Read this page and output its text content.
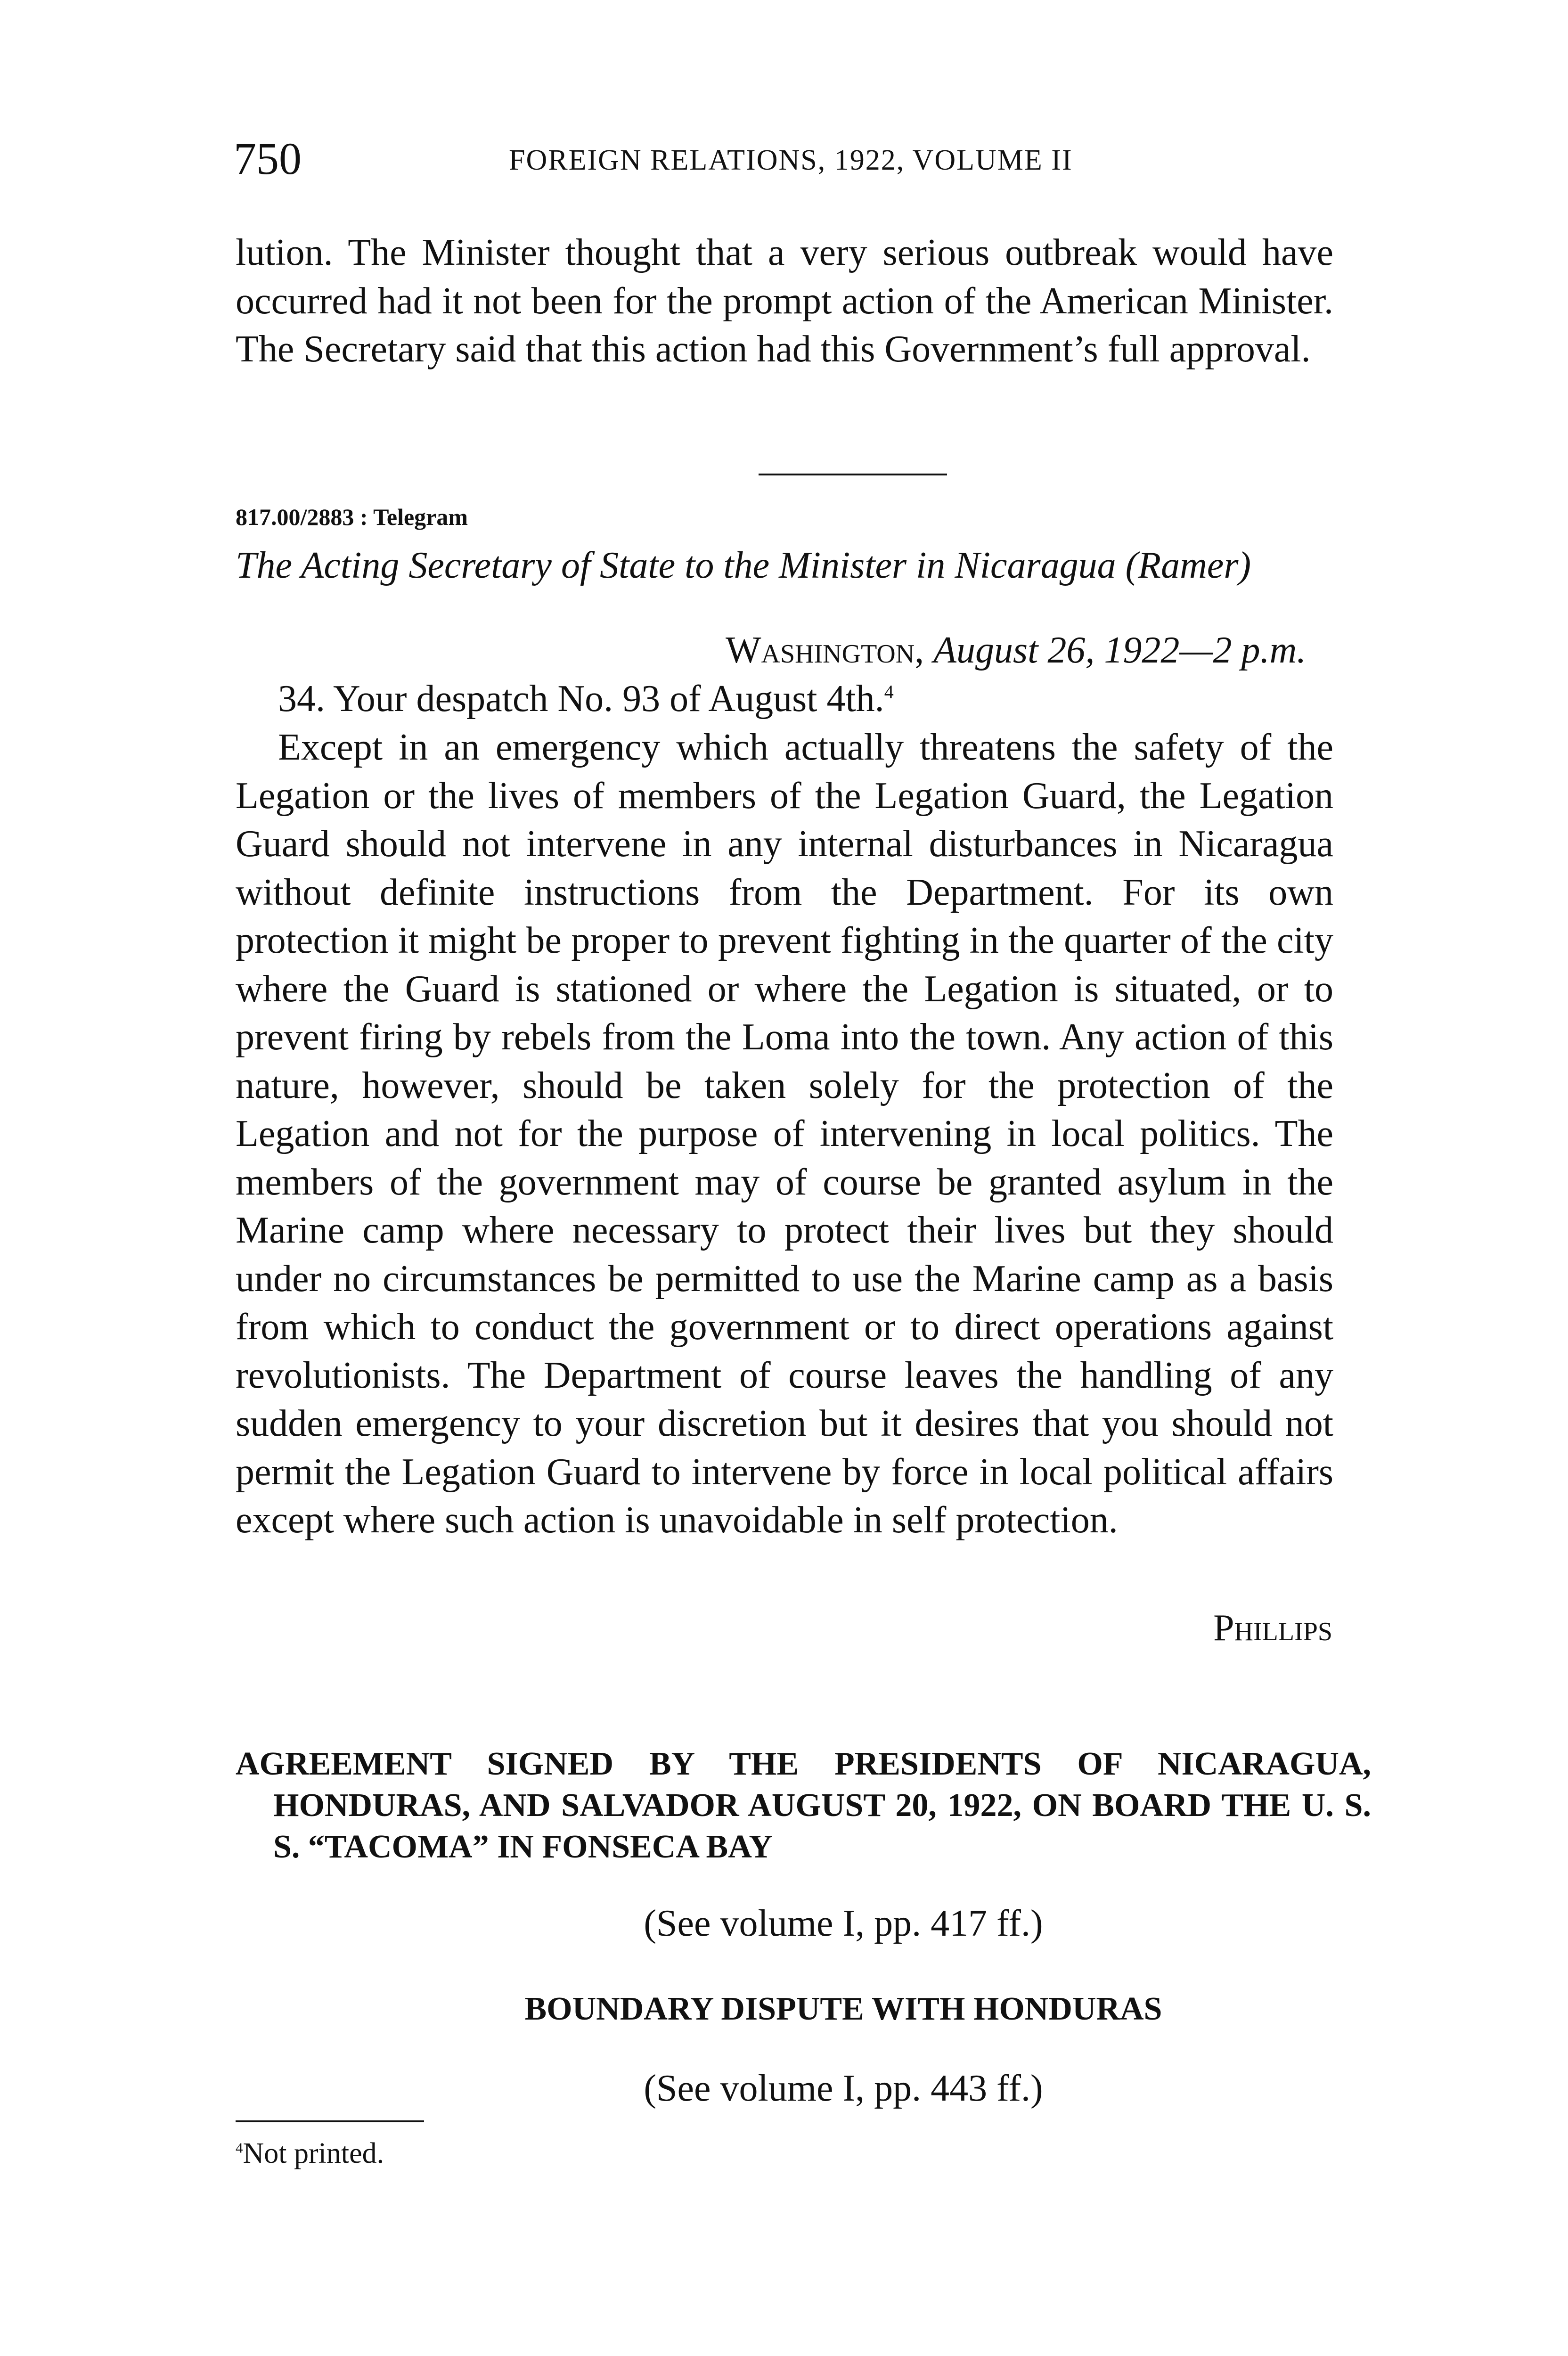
750	FOREIGN RELATIONS, 1922, VOLUME II

lution. The Minister thought that a very serious outbreak would have occurred had it not been for the prompt action of the American Minister. The Secretary said that this action had this Government’s full approval.

817.00/2883 : Telegram
The Acting Secretary of State to the Minister in Nicaragua (Ramer)
Washington, August 26, 1922—2 p.m.

34. Your despatch No. 93 of August 4th.$^4$

Except in an emergency which actually threatens the safety of the Legation or the lives of members of the Legation Guard, the Legation Guard should not intervene in any internal disturbances in Nicaragua without definite instructions from the Department. For its own protection it might be proper to prevent fighting in the quarter of the city where the Guard is stationed or where the Legation is situated, or to prevent firing by rebels from the Loma into the town. Any action of this nature, however, should be taken solely for the protection of the Legation and not for the purpose of intervening in local politics. The members of the government may of course be granted asylum in the Marine camp where necessary to protect their lives but they should under no circumstances be permitted to use the Marine camp as a basis from which to conduct the government or to direct operations against revolutionists. The Department of course leaves the handling of any sudden emergency to your discretion but it desires that you should not permit the Legation Guard to intervene by force in local political affairs except where such action is unavoidable in self protection.

Phillips

AGREEMENT SIGNED BY THE PRESIDENTS OF NICARAGUA, HONDURAS, AND SALVADOR AUGUST 20, 1922, ON BOARD THE U. S. S. “TACOMA” IN FONSECA BAY

(See volume I, pp. 417 ff.)
BOUNDARY DISPUTE WITH HONDURAS
(See volume I, pp. 443 ff.)
$^4$Not printed.
